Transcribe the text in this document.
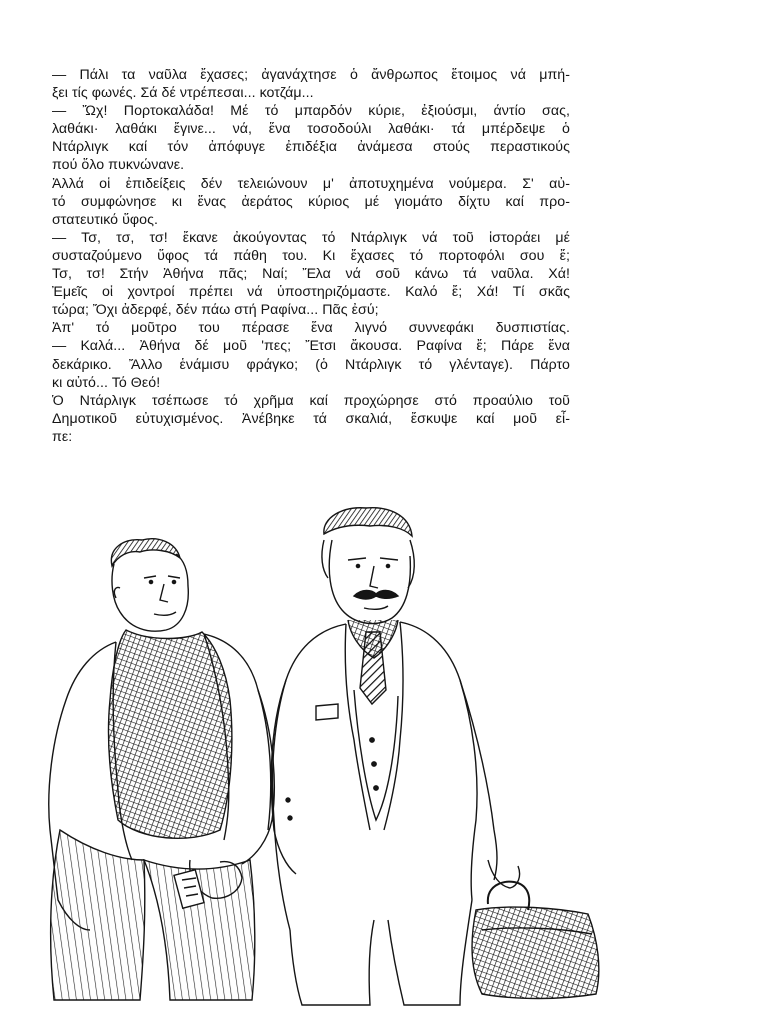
— Πάλι τα ναῦλα ἔχασες; ἀγανάχτησε ὁ ἄνθρωπος ἕτοιμος νά μπή-
ξει τίς φωνές. Σά δέ ντρέπεσαι... κοτζάμ...
— Ὤχ! Πορτοκαλάδα! Μέ τό μπαρδόν κύριε, ἐξιούσμι, άντίο σας,
λαθάκι· λαθάκι ἔγινε... νά, ἕνα τοσοδούλι λαθάκι· τά μπέρδεψε ὁ
Ντάρλιγκ καί τόν ἀπόφυγε ἐπιδέξια ἀνάμεσα στούς περαστικούς
πού ὅλο πυκνώνανε.
Ἀλλά οἱ ἐπιδείξεις δέν τελειώνουν μ' ἀποτυχημένα νούμερα. Σ' αὐ-
τό συμφώνησε κι ἕνας ἀεράτος κύριος μέ γιομάτο δίχτυ καί προ-
στατευτικό ὕφος.
— Τσ, τσ, τσ! ἔκανε ἀκούγοντας τό Ντάρλιγκ νά τοῦ ἱστοράει μέ
συσταζούμενο ὕφος τά πάθη του. Κι ἔχασες τό πορτοφόλι σου ἔ;
Τσ, τσ! Στήν Ἀθήνα πᾶς; Ναί; Ἔλα νά σοῦ κάνω τά ναῦλα. Χά!
Ἐμεῖς οἱ χοντροί πρέπει νά ὑποστηριζόμαστε. Καλό ἔ; Χά! Τί σκᾶς
τώρα; Ὄχι ἀδερφέ, δέν πάω στή Ραφίνα... Πᾶς ἐσύ;
Ἀπ' τό μοῦτρο του πέρασε ἕνα λιγνό συννεφάκι δυσπιστίας.
— Καλά... Ἀθήνα δέ μοῦ 'πες; Ἔτσι ἄκουσα. Ραφίνα ἔ; Πάρε ἕνα
δεκάρικο. Ἄλλο ἑνάμισυ φράγκο; (ὁ Ντάρλιγκ τό γλένταγε). Πάρτο
κι αὐτό... Τό Θεό!
Ὁ Ντάρλιγκ τσέπωσε τό χρῆμα καί προχώρησε στό προαύλιο τοῦ
Δημοτικοῦ εὐτυχισμένος. Ἀνέβηκε τά σκαλιά, ἔσκυψε καί μοῦ εἶ-
πε:
